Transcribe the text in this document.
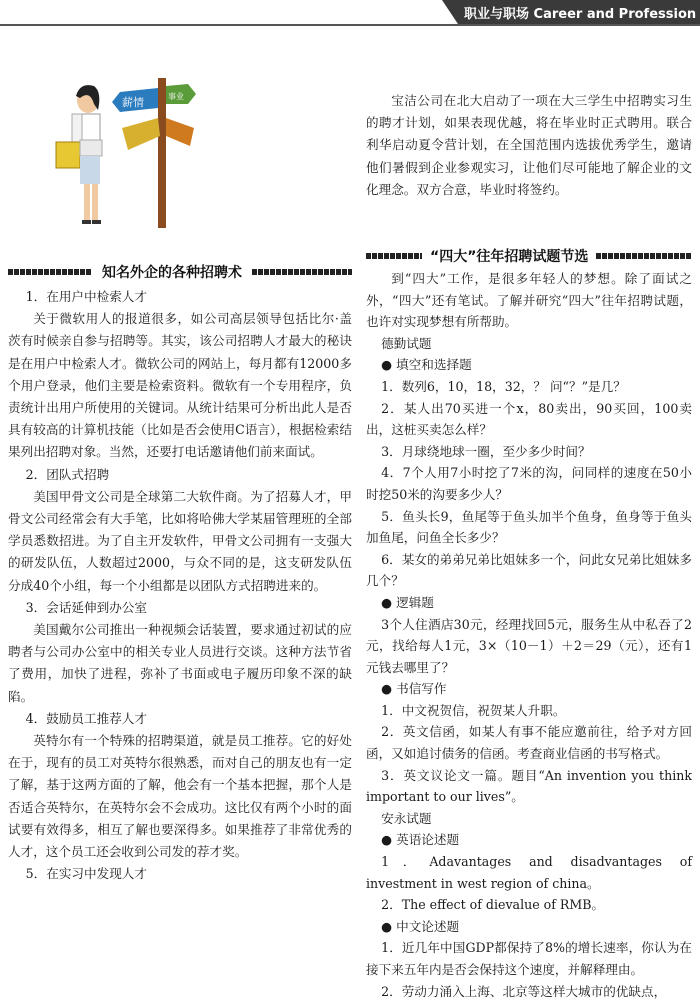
职业与职场 Career and Profession
薪情	事业
知名外企的各种招聘术

1．在用户中检索人才

关于微软用人的报道很多，如公司高层领导包括比尔·盖茨有时候亲自参与招聘等。其实，该公司招聘人才最大的秘诀是在用户中检索人才。微软公司的网站上，每月都有12000多个用户登录，他们主要是检索资料。微软有一个专用程序，负责统计出用户所使用的关键词。从统计结果可分析出此人是否具有较高的计算机技能（比如是否会使用C语言），根据检索结果列出招聘对象。当然，还要打电话邀请他们前来面试。

2．团队式招聘

美国甲骨文公司是全球第二大软件商。为了招募人才，甲骨文公司经常会有大手笔，比如将哈佛大学某届管理班的全部学员悉数招进。为了自主开发软件，甲骨文公司拥有一支强大的研发队伍，人数超过2000，与众不同的是，这支研发队伍分成40个小组，每一个小组都是以团队方式招聘进来的。

3．会话延伸到办公室

美国戴尔公司推出一种视频会话装置，要求通过初试的应聘者与公司办公室中的相关专业人员进行交谈。这种方法节省了费用，加快了进程，弥补了书面或电子履历印象不深的缺陷。

4．鼓励员工推荐人才

英特尔有一个特殊的招聘渠道，就是员工推荐。它的好处在于，现有的员工对英特尔很熟悉，而对自己的朋友也有一定了解，基于这两方面的了解，他会有一个基本把握，那个人是否适合英特尔，在英特尔会不会成功。这比仅有两个小时的面试要有效得多，相互了解也要深得多。如果推荐了非常优秀的人才，这个员工还会收到公司发的荐才奖。

5．在实习中发现人才

宝洁公司在北大启动了一项在大三学生中招聘实习生的聘才计划，如果表现优越，将在毕业时正式聘用。联合利华启动夏令营计划，在全国范围内选拔优秀学生，邀请他们暑假到企业参观实习，让他们尽可能地了解企业的文化理念。双方合意，毕业时将签约。

“四大”往年招聘试题节选

到“四大”工作，是很多年轻人的梦想。除了面试之外，“四大”还有笔试。了解并研究“四大”往年招聘试题，也许对实现梦想有所帮助。

德勤试题

● 填空和选择题

1．数列6，10，18，32，？ 问“？”是几？

2．某人出70买进一个x，80卖出，90买回，100卖出，这桩买卖怎么样？

3．月球绕地球一圈，至少多少时间？

4．7个人用7小时挖了7米的沟，问同样的速度在50小时挖50米的沟要多少人？

5．鱼头长9，鱼尾等于鱼头加半个鱼身，鱼身等于鱼头加鱼尾，问鱼全长多少？

6．某女的弟弟兄弟比姐妹多一个，问此女兄弟比姐妹多几个？

● 逻辑题

3个人住酒店30元，经理找回5元，服务生从中私吞了2元，找给每人1元，3×（10－1）＋2＝29（元），还有1元钱去哪里了？

● 书信写作

1．中文祝贺信，祝贺某人升职。

2．英文信函，如某人有事不能应邀前往，给予对方回函，又如追讨债务的信函。考查商业信函的书写格式。

3．英文议论文一篇。题目“An invention you think important to our lives”。

安永试题

● 英语论述题

1．Adavantages and disadvantages of investment in west region of china。

2．The effect of dievalue of RMB。

● 中文论述题

1．近几年中国GDP都保持了8%的增长速率，你认为在接下来五年内是否会保持这个速度，并解释理由。

2．劳动力涌入上海、北京等这样大城市的优缺点，
